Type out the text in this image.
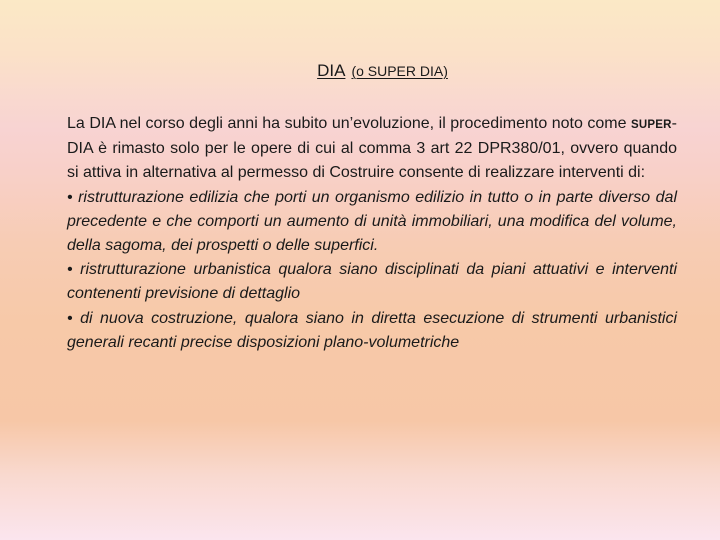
DIA (o SUPER DIA)

La DIA nel corso degli anni ha subito un’evoluzione, il procedimento noto come SUPER-DIA è rimasto solo per le opere di cui al comma 3 art 22 DPR380/01, ovvero quando si attiva in alternativa al permesso di Costruire consente di realizzare interventi di:

• ristrutturazione edilizia che porti un organismo edilizio in tutto o in parte diverso dal precedente e che comporti un aumento di unità immobiliari, una modifica del volume, della sagoma, dei prospetti o delle superfici.

• ristrutturazione urbanistica qualora siano disciplinati da piani attuativi e interventi contenenti previsione di dettaglio

• di nuova costruzione, qualora siano in diretta esecuzione di strumenti urbanistici generali recanti precise disposizioni plano-volumetriche
